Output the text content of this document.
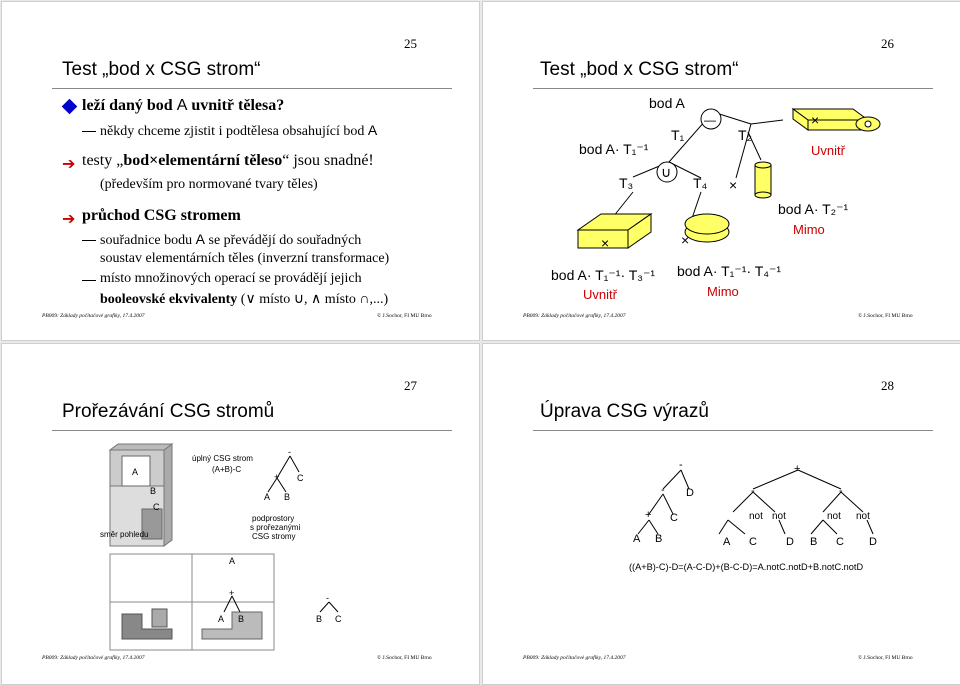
25
Test „bod x CSG strom“
leží daný bod A uvnitř tělesa?
někdy chceme zjistit i podtělesa obsahující bod A
➔ testy „bod×elementární těleso“ jsou snadné!
(především pro normované tvary těles)
➔ průchod CSG stromem
souřadnice bodu A se převádějí do souřadných
soustav elementárních těles (inverzní transformace)
místo množinových operací se provádějí jejich
booleovské ekvivalenty (∨ místo ∪, ∧ místo ∩,...)
PB009: Základy počítačové grafiky, 17.4.2007	© J.Sochor, FI MU Brno
26
Test „bod x CSG strom“
—
∪
bod A
T₁	T₂
T₃	T₄
bod A· T₁⁻¹
×
×
Uvnitř
bod A· T₂⁻¹
Mimo
×	×
bod A· T₁⁻¹· T₃⁻¹
Uvnitř
bod A· T₁⁻¹· T₄⁻¹
Mimo
PB009: Základy počítačové grafiky, 17.4.2007	© J.Sochor, FI MU Brno
27
Prořezávání CSG stromů
A
B
C
směr pohledu
úplný CSG strom
(A+B)-C
-
+ C
A B
podprostory
s prořezanými
CSG stromy
A
+
A B
-
B C
PB009: Základy počítačové grafiky, 17.4.2007	© J.Sochor, FI MU Brno
28
Úprava CSG výrazů
-
- D
+ C
A B
+
-	-
not not	not not
A C	D B C D
((A+B)-C)-D=(A-C-D)+(B-C-D)=A.notC.notD+B.notC.notD
PB009: Základy počítačové grafiky, 17.4.2007	© J.Sochor, FI MU Brno
